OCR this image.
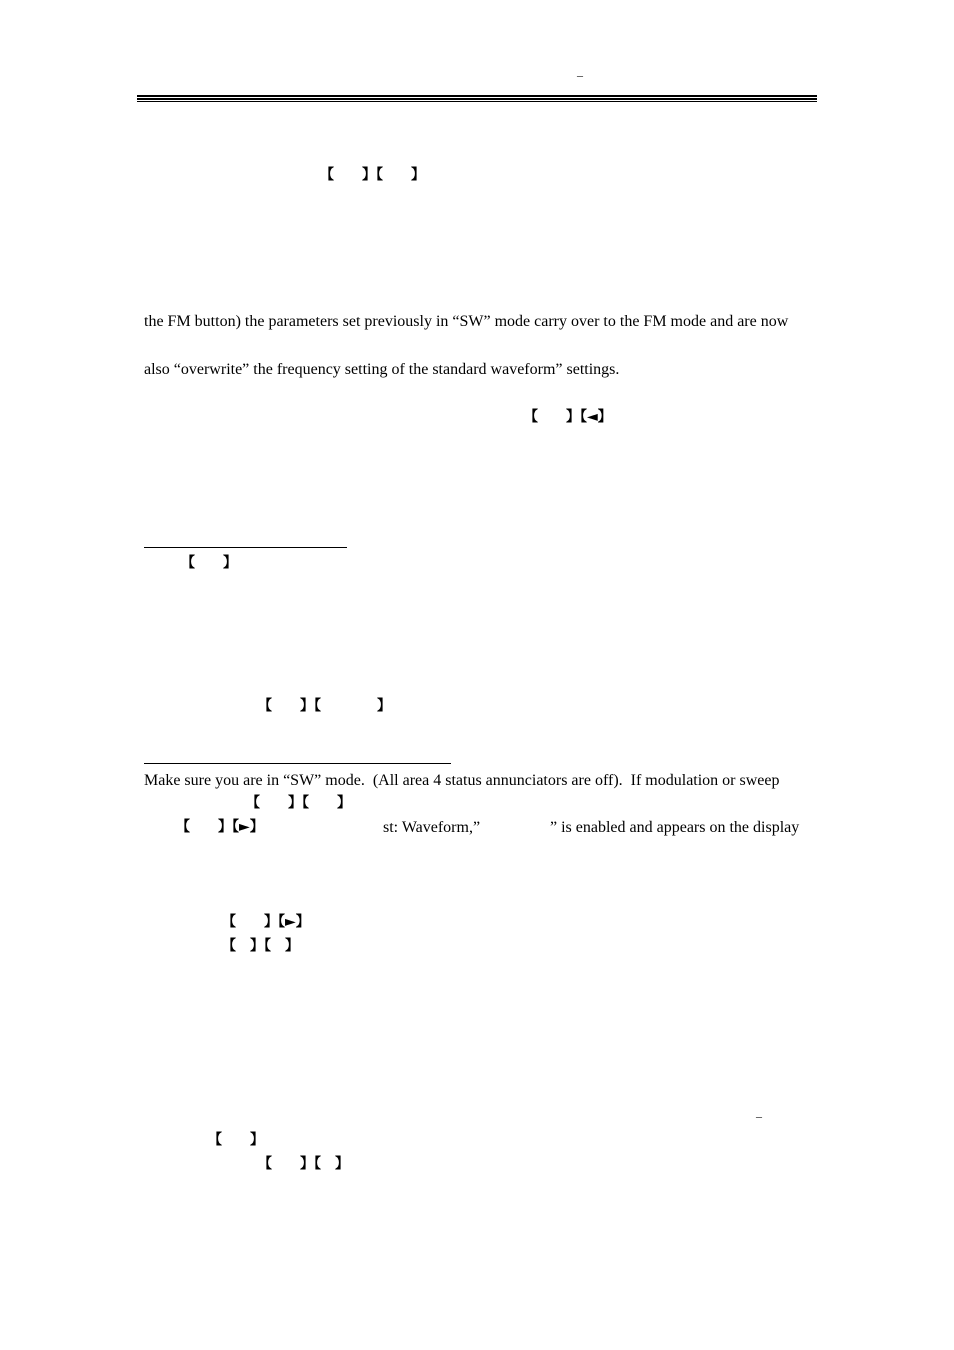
–
【　　】【　　】
the FM button) the parameters set previously in “SW” mode carry over to the FM mode and are now
also “overwrite” the frequency setting of the standard waveform” settings.
【　　】【◄】
【　　】
【　　】【　　　　】
Make sure you are in “SW” mode.  (All area 4 status annunciators are off).  If modulation or sweep
【　　】【　　】
【　　】【►】	st: Waveform,”	” is enabled and appears on the display
【　　】【►】
【　】【　】
–
【　　】
【　　】【　】
